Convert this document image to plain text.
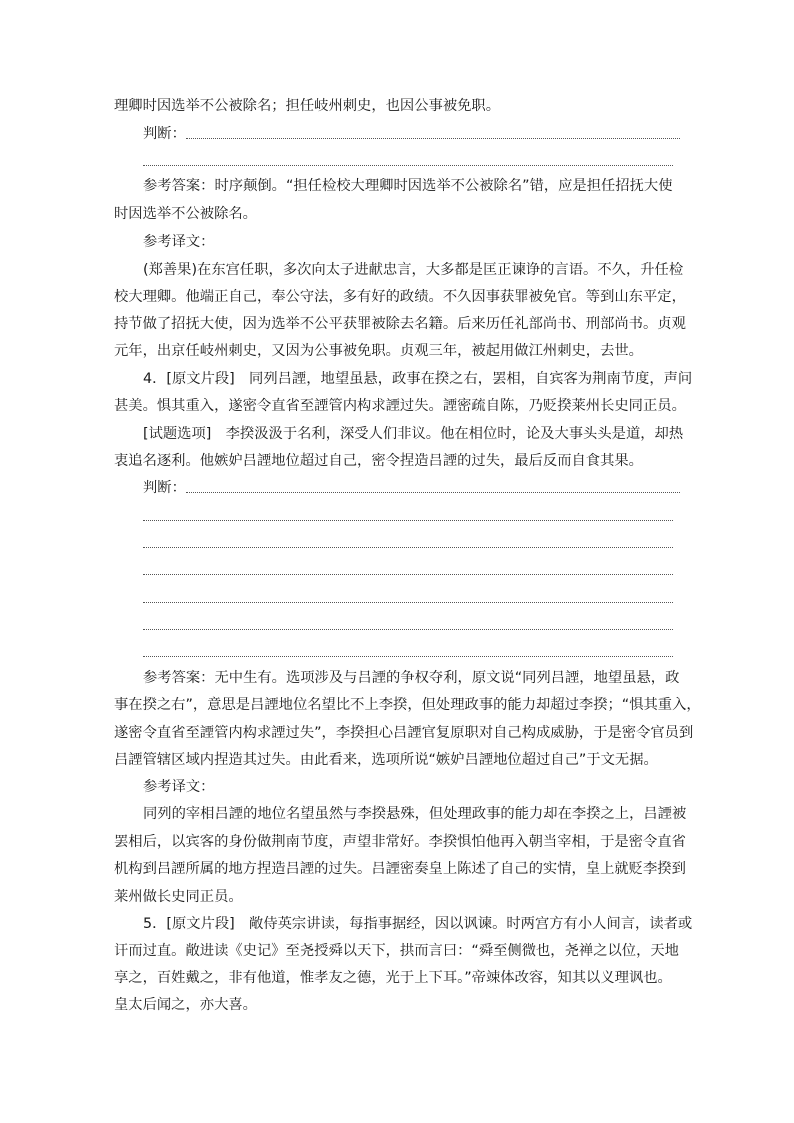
理卿时因选举不公被除名；担任岐州刺史，也因公事被免职。
判断：
参考答案：时序颠倒。“担任检校大理卿时因选举不公被除名”错，应是担任招抚大使
时因选举不公被除名。
参考译文：
(郑善果)在东宫任职，多次向太子进献忠言，大多都是匡正谏诤的言语。不久，升任检
校大理卿。他端正自己，奉公守法，多有好的政绩。不久因事获罪被免官。等到山东平定，
持节做了招抚大使，因为选举不公平获罪被除去名籍。后来历任礼部尚书、刑部尚书。贞观
元年，出京任岐州刺史，又因为公事被免职。贞观三年，被起用做江州刺史，去世。
4．[原文片段]　同列吕諲，地望虽悬，政事在揆之右，罢相，自宾客为荆南节度，声问
甚美。惧其重入，遂密令直省至諲管内构求諲过失。諲密疏自陈，乃贬揆莱州长史同正员。
[试题选项]　李揆汲汲于名利，深受人们非议。他在相位时，论及大事头头是道，却热
衷追名逐利。他嫉妒吕諲地位超过自己，密令捏造吕諲的过失，最后反而自食其果。
判断：
参考答案：无中生有。选项涉及与吕諲的争权夺利，原文说“同列吕諲，地望虽悬，政
事在揆之右”，意思是吕諲地位名望比不上李揆，但处理政事的能力却超过李揆；“惧其重入，
遂密令直省至諲管内构求諲过失”，李揆担心吕諲官复原职对自己构成威胁，于是密令官员到
吕諲管辖区域内捏造其过失。由此看来，选项所说“嫉妒吕諲地位超过自己”于文无据。
参考译文：
同列的宰相吕諲的地位名望虽然与李揆悬殊，但处理政事的能力却在李揆之上，吕諲被
罢相后，以宾客的身份做荆南节度，声望非常好。李揆惧怕他再入朝当宰相，于是密令直省
机构到吕諲所属的地方捏造吕諲的过失。吕諲密奏皇上陈述了自己的实情，皇上就贬李揆到
莱州做长史同正员。
5．[原文片段]　敞侍英宗讲读，每指事据经，因以讽谏。时两宫方有小人间言，读者或
讦而过直。敞进读《史记》至尧授舜以天下，拱而言曰：“舜至侧微也，尧禅之以位，天地
享之，百姓戴之，非有他道，惟孝友之德，光于上下耳。”帝竦体改容，知其以义理讽也。
皇太后闻之，亦大喜。
